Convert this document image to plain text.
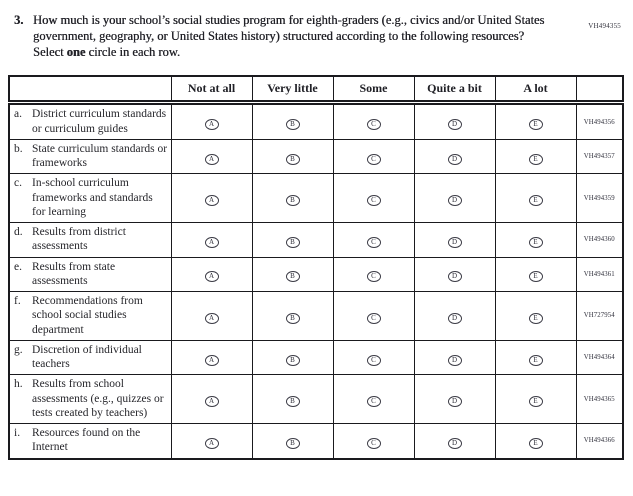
VH494355
3. How much is your school’s social studies program for eighth-graders (e.g., civics and/or United States government, geography, or United States history) structured according to the following resources? Select one circle in each row.

	Not at all	Very little	Some	Quite a bit	A lot	

a. District curriculum standards or curriculum guides	A	B	C	D	E	VH494356

b. State curriculum standards or frameworks	A	B	C	D	E	VH494357

c. In-school curriculum frameworks and standards for learning	A	B	C	D	E	VH494359

d. Results from district assessments	A	B	C	D	E	VH494360

e. Results from state assessments	A	B	C	D	E	VH494361

f. Recommendations from school social studies department	A	B	C	D	E	VH727954

g. Discretion of individual teachers	A	B	C	D	E	VH494364

h. Results from school assessments (e.g., quizzes or tests created by teachers)	A	B	C	D	E	VH494365

i. Resources found on the Internet	A	B	C	D	E	VH494366
